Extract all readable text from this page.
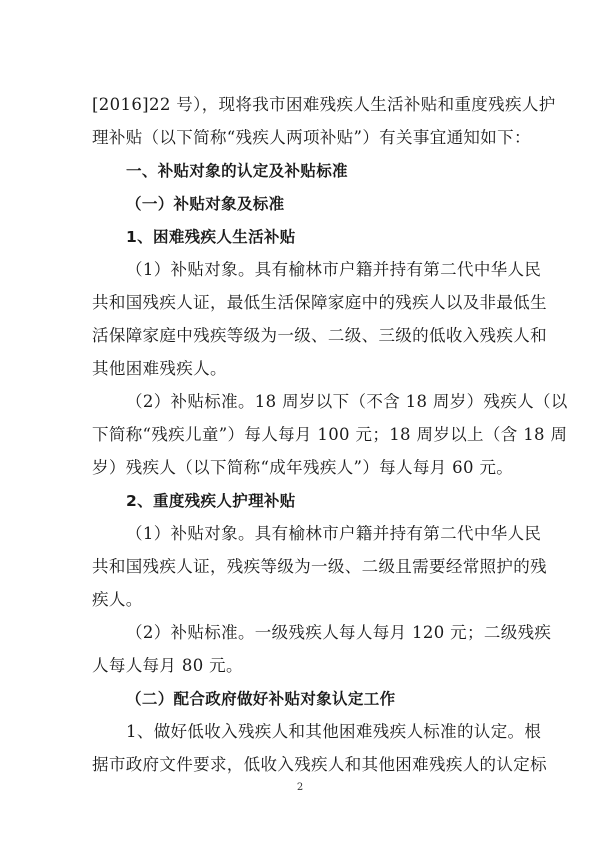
[2016]22 号），现将我市困难残疾人生活补贴和重度残疾人护
理补贴（以下简称“残疾人两项补贴”）有关事宜通知如下：
一、补贴对象的认定及补贴标准
（一）补贴对象及标准
1、困难残疾人生活补贴
（1）补贴对象。具有榆林市户籍并持有第二代中华人民
共和国残疾人证，最低生活保障家庭中的残疾人以及非最低生
活保障家庭中残疾等级为一级、二级、三级的低收入残疾人和
其他困难残疾人。
（2）补贴标准。18 周岁以下（不含 18 周岁）残疾人（以
下简称“残疾儿童”）每人每月 100 元；18 周岁以上（含 18 周
岁）残疾人（以下简称“成年残疾人”）每人每月 60 元。
2、重度残疾人护理补贴
（1）补贴对象。具有榆林市户籍并持有第二代中华人民
共和国残疾人证，残疾等级为一级、二级且需要经常照护的残
疾人。
（2）补贴标准。一级残疾人每人每月 120 元；二级残疾
人每人每月 80 元。
（二）配合政府做好补贴对象认定工作
1、做好低收入残疾人和其他困难残疾人标准的认定。根
据市政府文件要求，低收入残疾人和其他困难残疾人的认定标
2
